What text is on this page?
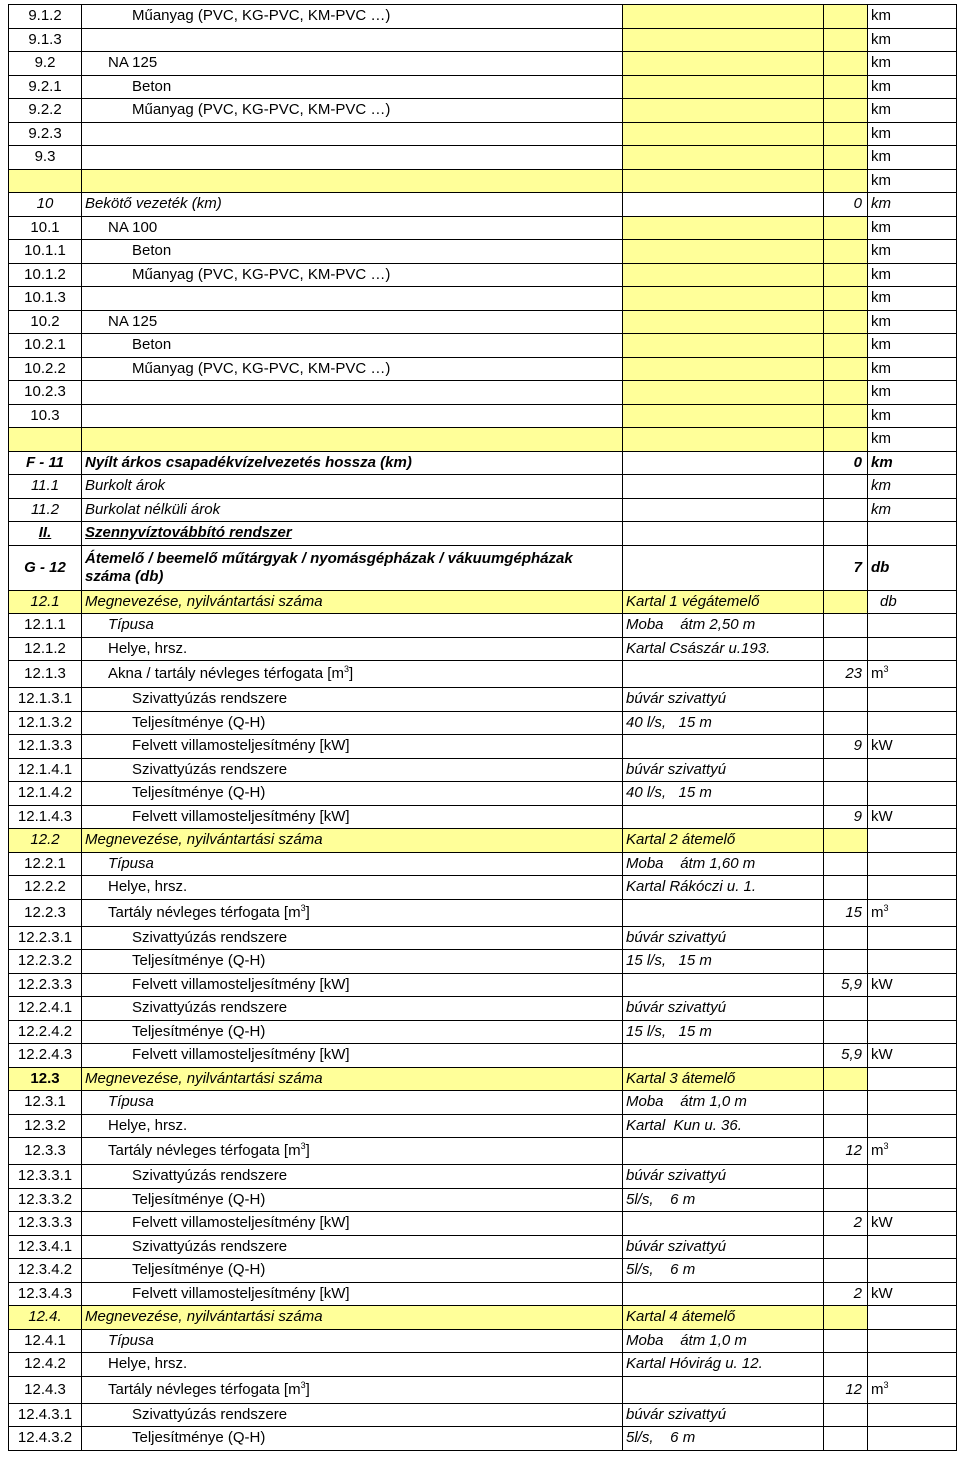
9.1.2	Műanyag (PVC, KG-PVC, KM-PVC …)			km
9.1.3				km
9.2	NA 125			km
9.2.1	Beton			km
9.2.2	Műanyag (PVC, KG-PVC, KM-PVC …)			km
9.2.3				km
9.3				km
				km
10	Bekötő vezeték (km)		0	km
10.1	NA 100			km
10.1.1	Beton			km
10.1.2	Műanyag (PVC, KG-PVC, KM-PVC …)			km
10.1.3				km
10.2	NA 125			km
10.2.1	Beton			km
10.2.2	Műanyag (PVC, KG-PVC, KM-PVC …)			km
10.2.3				km
10.3				km
				km
F - 11	Nyílt árkos csapadékvízelvezetés hossza (km)		0	km
11.1	Burkolt árok			km
11.2	Burkolat nélküli árok			km
II.	Szennyvíztovábbító rendszer			
G - 12	Átemelő / beemelő műtárgyak / nyomásgépházak / vákuumgépházak száma (db)		7	db
12.1	Megnevezése, nyilvántartási száma	Kartal 1 végátemelő		db
12.1.1	Típusa	Moba    átm 2,50 m		
12.1.2	Helye, hrsz.	Kartal Császár u.193.		
12.1.3	Akna / tartály névleges térfogata $[m^3]$		23	$m^3$
12.1.3.1	Szivattyúzás rendszere	búvár szivattyú		
12.1.3.2	Teljesítménye (Q-H)	40 l/s,   15 m		
12.1.3.3	Felvett villamosteljesítmény [kW]		9	kW
12.1.4.1	Szivattyúzás rendszere	búvár szivattyú		
12.1.4.2	Teljesítménye (Q-H)	40 l/s,   15 m		
12.1.4.3	Felvett villamosteljesítmény [kW]		9	kW
12.2	Megnevezése, nyilvántartási száma	Kartal 2 átemelő		
12.2.1	Típusa	Moba    átm 1,60 m		
12.2.2	Helye, hrsz.	Kartal Rákóczi u. 1.		
12.2.3	Tartály névleges térfogata $[m^3]$		15	$m^3$
12.2.3.1	Szivattyúzás rendszere	búvár szivattyú		
12.2.3.2	Teljesítménye (Q-H)	15 l/s,   15 m		
12.2.3.3	Felvett villamosteljesítmény [kW]		5,9	kW
12.2.4.1	Szivattyúzás rendszere	búvár szivattyú		
12.2.4.2	Teljesítménye (Q-H)	15 l/s,   15 m		
12.2.4.3	Felvett villamosteljesítmény [kW]		5,9	kW
12.3	Megnevezése, nyilvántartási száma	Kartal 3 átemelő		
12.3.1	Típusa	Moba    átm 1,0 m		
12.3.2	Helye, hrsz.	Kartal  Kun u. 36.		
12.3.3	Tartály névleges térfogata $[m^3]$		12	$m^3$
12.3.3.1	Szivattyúzás rendszere	búvár szivattyú		
12.3.3.2	Teljesítménye (Q-H)	5l/s,    6 m		
12.3.3.3	Felvett villamosteljesítmény [kW]		2	kW
12.3.4.1	Szivattyúzás rendszere	búvár szivattyú		
12.3.4.2	Teljesítménye (Q-H)	5l/s,    6 m		
12.3.4.3	Felvett villamosteljesítmény [kW]		2	kW
12.4.	Megnevezése, nyilvántartási száma	Kartal 4 átemelő		
12.4.1	Típusa	Moba    átm 1,0 m		
12.4.2	Helye, hrsz.	Kartal Hóvirág u. 12.		
12.4.3	Tartály névleges térfogata $[m^3]$		12	$m^3$
12.4.3.1	Szivattyúzás rendszere	búvár szivattyú		
12.4.3.2	Teljesítménye (Q-H)	5l/s,    6 m		
